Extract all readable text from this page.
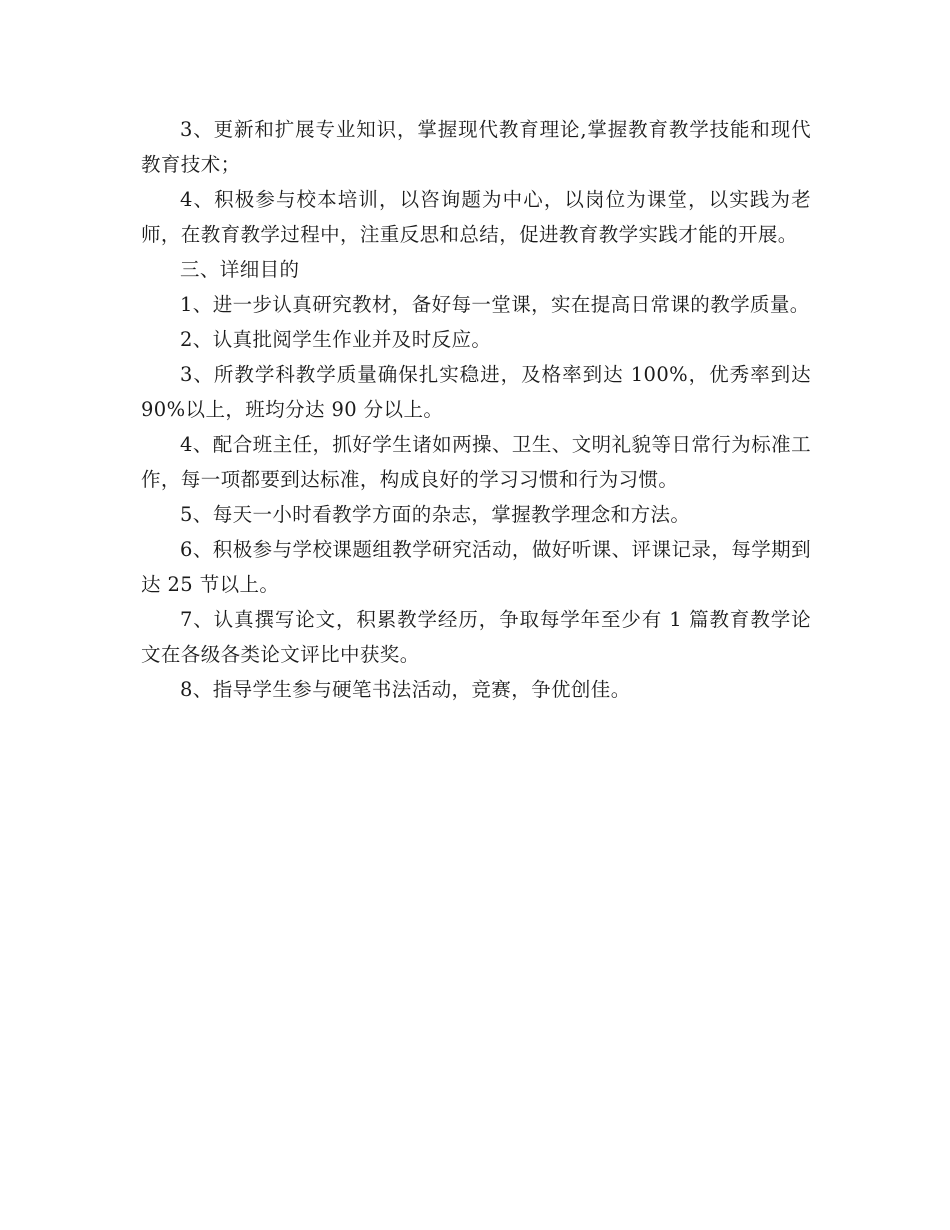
3、更新和扩展专业知识，掌握现代教育理论,掌握教育教学技能和现代教育技术；

4、积极参与校本培训，以咨询题为中心，以岗位为课堂，以实践为老师，在教育教学过程中，注重反思和总结，促进教育教学实践才能的开展。

三、详细目的

1、进一步认真研究教材，备好每一堂课，实在提高日常课的教学质量。

2、认真批阅学生作业并及时反应。

3、所教学科教学质量确保扎实稳进，及格率到达 100%，优秀率到达 90%以上，班均分达 90 分以上。

4、配合班主任，抓好学生诸如两操、卫生、文明礼貌等日常行为标准工作，每一项都要到达标准，构成良好的学习习惯和行为习惯。

5、每天一小时看教学方面的杂志，掌握教学理念和方法。

6、积极参与学校课题组教学研究活动，做好听课、评课记录，每学期到达 25 节以上。

7、认真撰写论文，积累教学经历，争取每学年至少有 1 篇教育教学论文在各级各类论文评比中获奖。

8、指导学生参与硬笔书法活动，竞赛，争优创佳。
